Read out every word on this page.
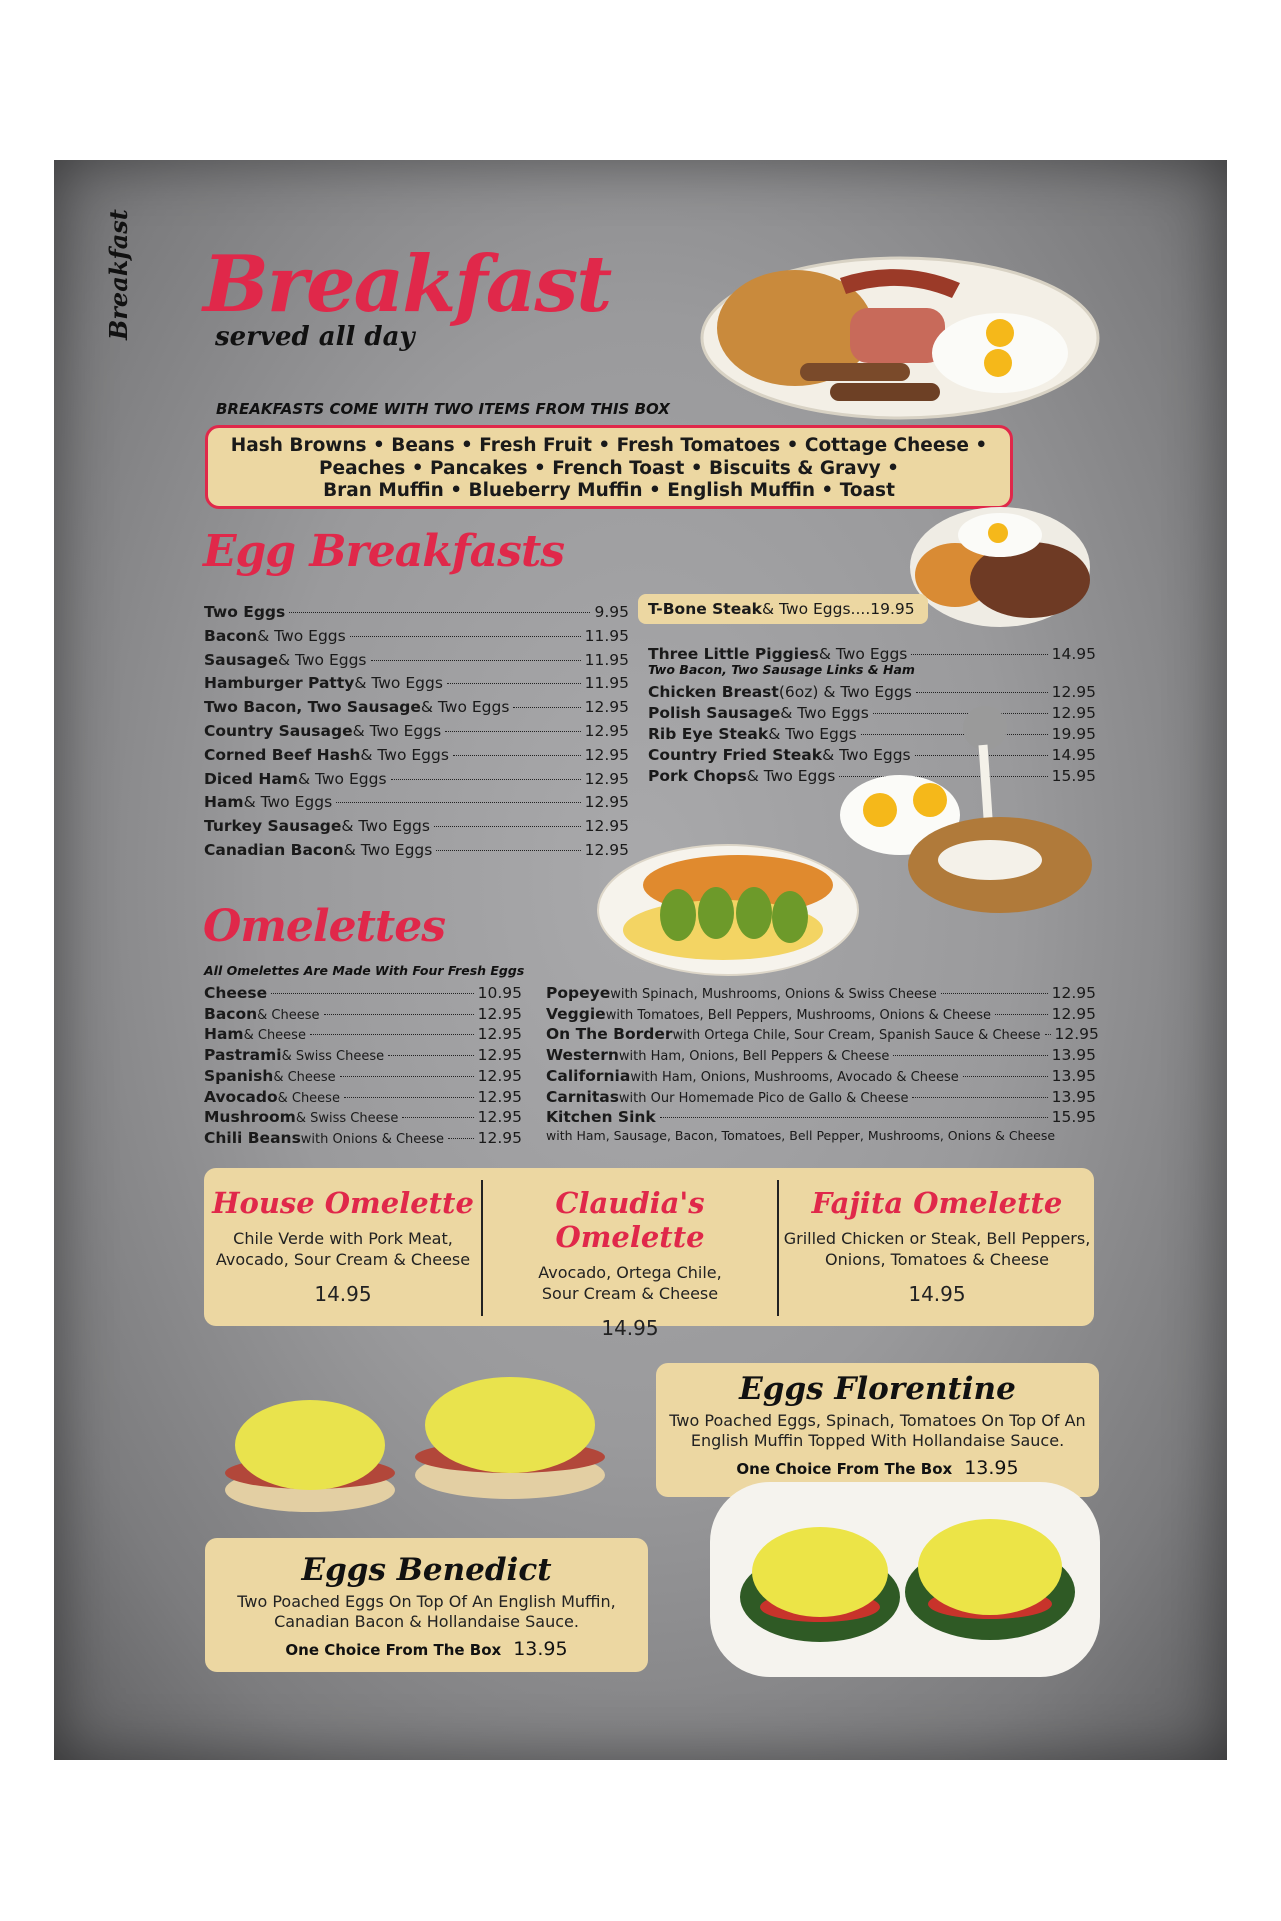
Breakfast Breakfast
served all day
BREAKFASTS COME WITH TWO ITEMS FROM THIS BOX
Hash Browns • Beans • Fresh Fruit • Fresh Tomatoes • Cottage Cheese •
Peaches • Pancakes • French Toast • Biscuits & Gravy •
Bran Muffin • Blueberry Muffin • English Muffin • Toast
Egg Breakfasts
Two Eggs	9.95
Bacon & Two Eggs	11.95
Sausage & Two Eggs	11.95
Hamburger Patty & Two Eggs	11.95
Two Bacon, Two Sausage & Two Eggs	12.95
Country Sausage & Two Eggs	12.95
Corned Beef Hash & Two Eggs	12.95
Diced Ham & Two Eggs	12.95
Ham & Two Eggs	12.95
Turkey Sausage & Two Eggs	12.95
Canadian Bacon & Two Eggs	12.95
T-Bone Steak & Two Eggs.... 19.95
Three Little Piggies & Two Eggs	14.95
Two Bacon, Two Sausage Links & Ham
Chicken Breast (6oz) & Two Eggs	12.95
Polish Sausage & Two Eggs	12.95
Rib Eye Steak & Two Eggs	19.95
Country Fried Steak & Two Eggs	14.95
Pork Chops & Two Eggs	15.95
Omelettes
All Omelettes Are Made With Four Fresh Eggs
Cheese	10.95
Bacon & Cheese	12.95
Ham & Cheese	12.95
Pastrami & Swiss Cheese	12.95
Spanish & Cheese	12.95
Avocado & Cheese	12.95
Mushroom & Swiss Cheese	12.95
Chili Beans with Onions & Cheese 12.95
Popeye with Spinach, Mushrooms, Onions & Swiss Cheese	12.95
Veggie with Tomatoes, Bell Peppers, Mushrooms, Onions & Cheese	12.95
On The Border with Ortega Chile, Sour Cream, Spanish Sauce & Cheese 12.95
Western with Ham, Onions, Bell Peppers & Cheese	13.95
California with Ham, Onions, Mushrooms, Avocado & Cheese	13.95
Carnitas with Our Homemade Pico de Gallo & Cheese	13.95
Kitchen Sink	15.95
with Ham, Sausage, Bacon, Tomatoes, Bell Pepper, Mushrooms, Onions & Cheese
House Omelette
Chile Verde with Pork Meat,
Avocado, Sour Cream & Cheese
14.95
Claudia's Omelette
Avocado, Ortega Chile,
Sour Cream & Cheese
14.95
Fajita Omelette
Grilled Chicken or Steak, Bell Peppers,
Onions, Tomatoes & Cheese
14.95
Eggs Florentine
Two Poached Eggs, Spinach, Tomatoes On Top Of An
English Muffin Topped With Hollandaise Sauce.
One Choice From The Box 13.95
Eggs Benedict
Two Poached Eggs On Top Of An English Muffin,
Canadian Bacon & Hollandaise Sauce.
One Choice From The Box 13.95
